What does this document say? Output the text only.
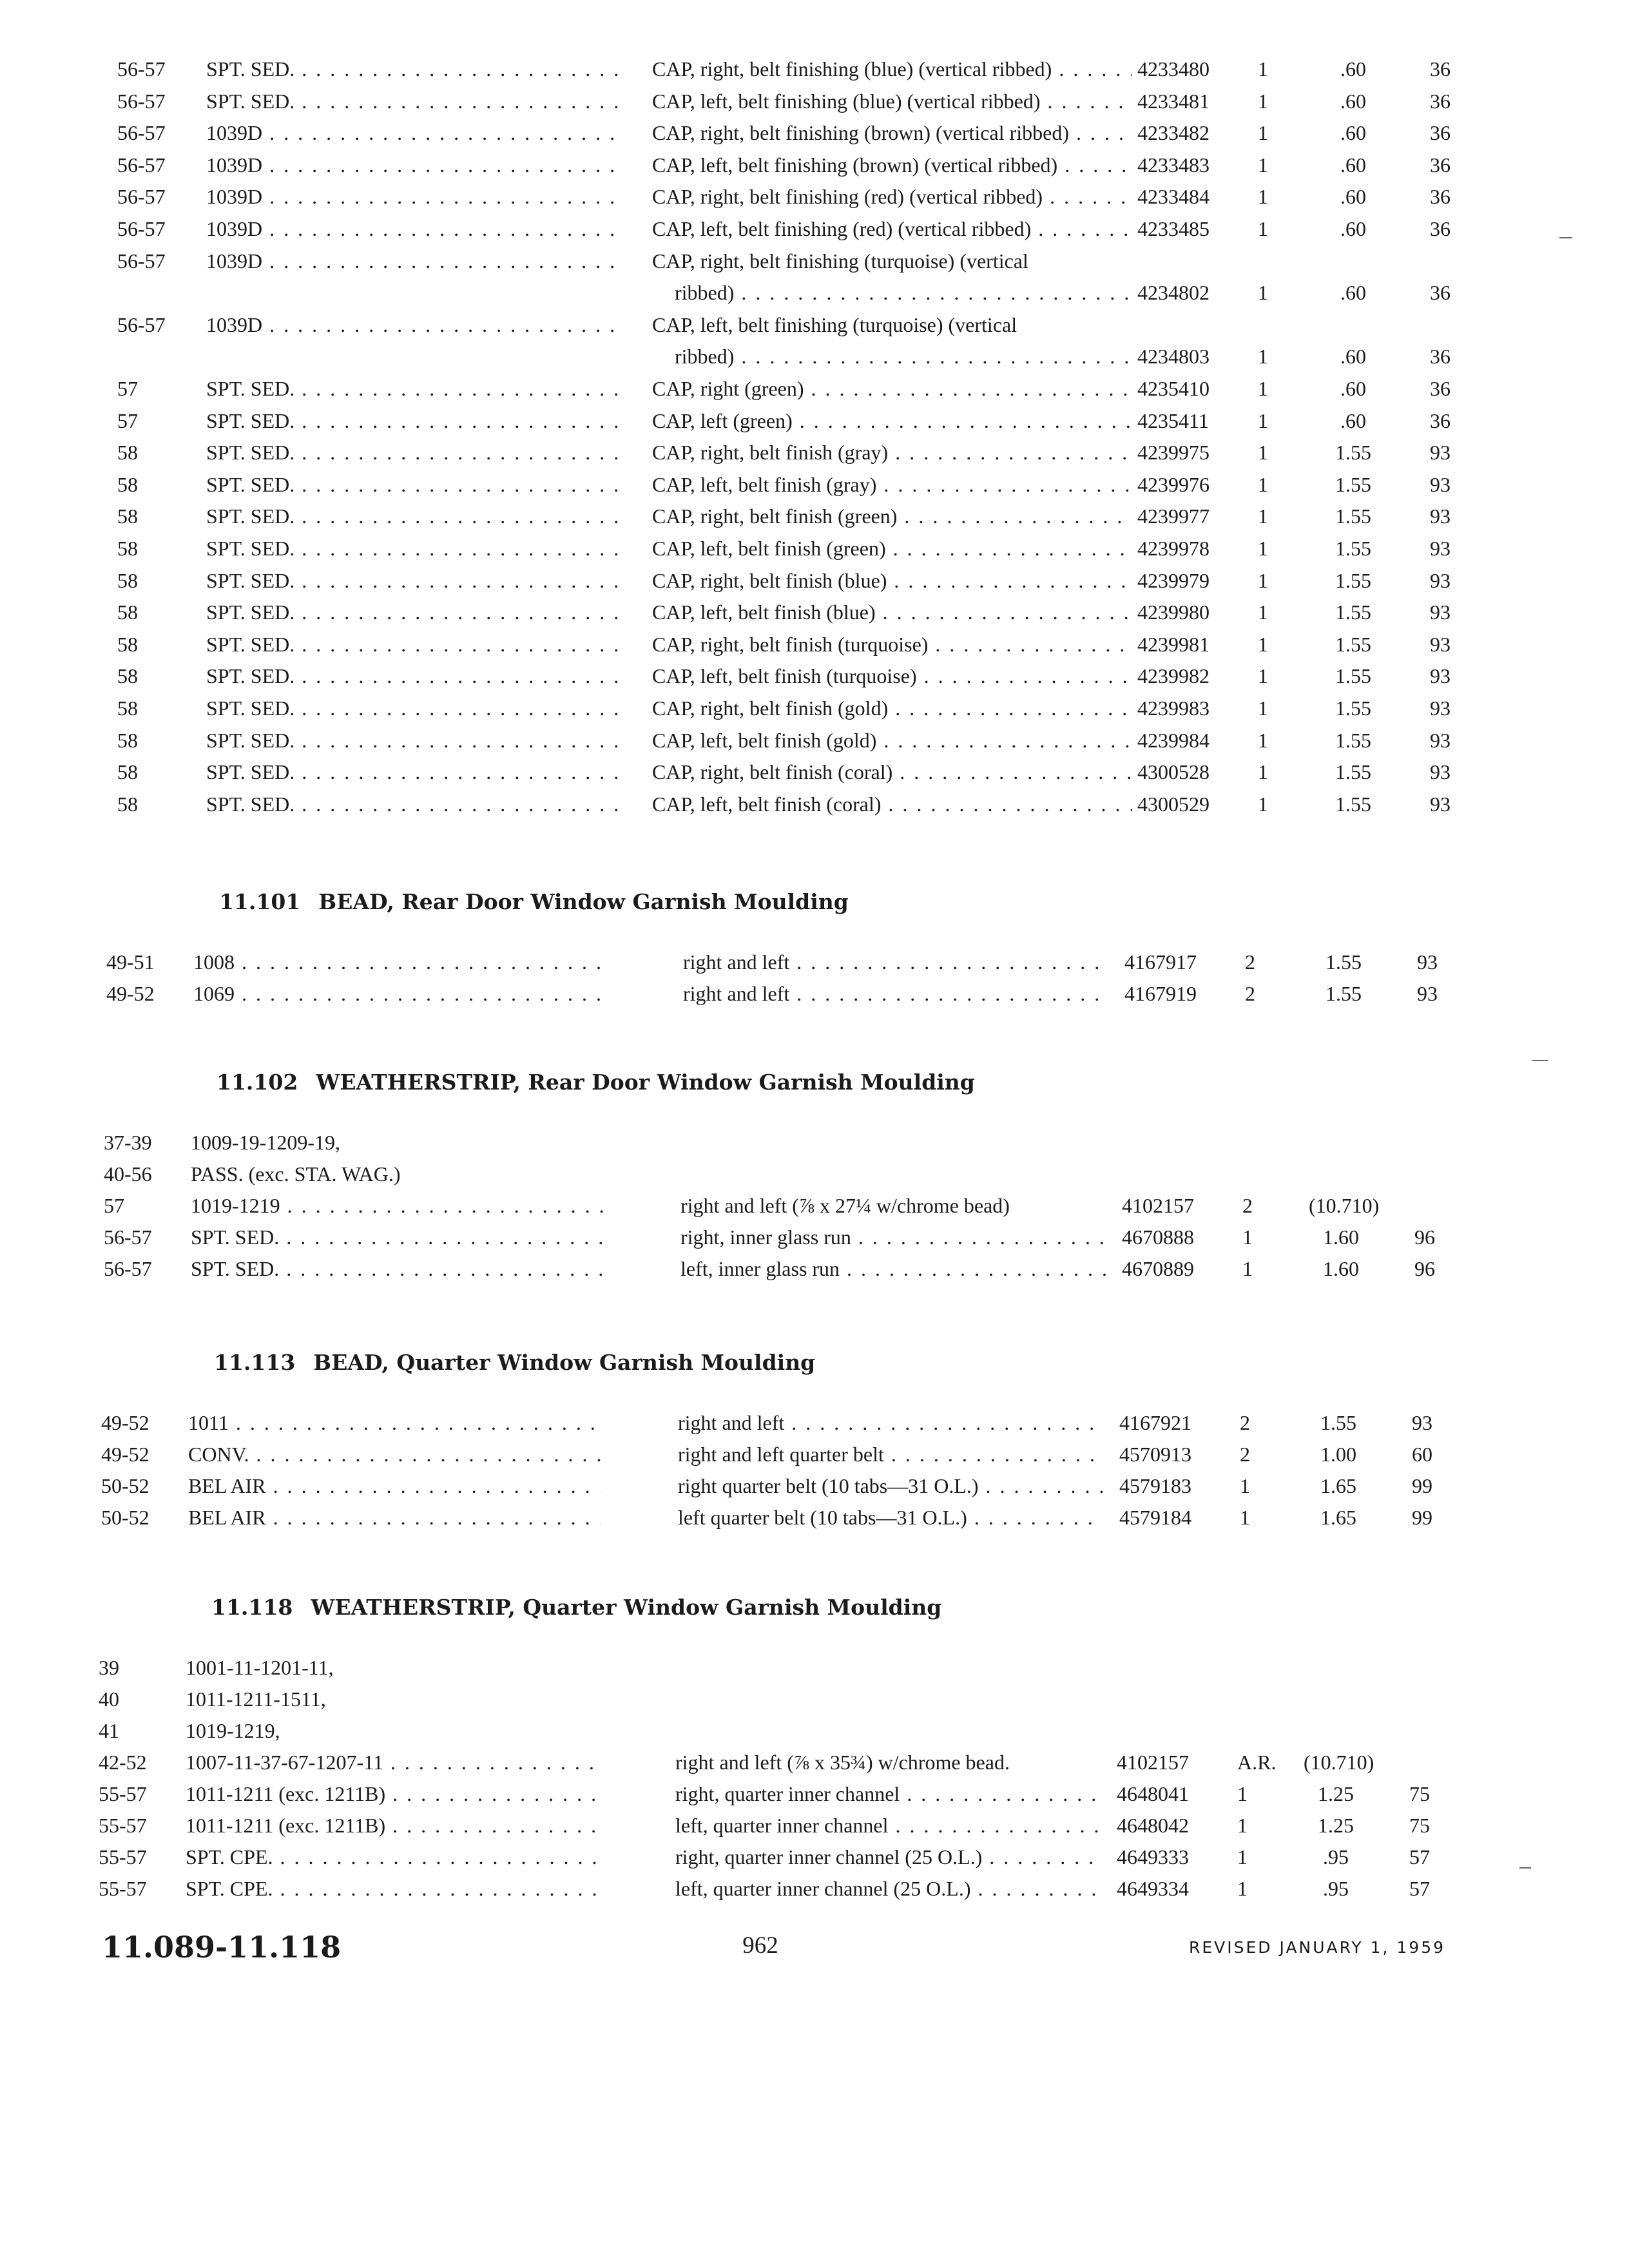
56-57 SPT. SED. . . .	CAP, right, belt finishing (blue) (vertical ribbed) . . .	4233480 1	.60	36
56-57 SPT. SED. . . .	CAP, left, belt finishing (blue) (vertical ribbed) . . .	4233481 1	.60	36
56-57 1039D . . .	CAP, right, belt finishing (brown) (vertical ribbed) . . .	4233482 1	.60	36
56-57 1039D . . .	CAP, left, belt finishing (brown) (vertical ribbed) . . .	4233483 1	.60	36
56-57 1039D . . .	CAP, right, belt finishing (red) (vertical ribbed) . . .	4233484 1	.60	36
56-57 1039D . . .	CAP, left, belt finishing (red) (vertical ribbed) . . .	4233485 1	.60	36
56-57 1039D . . .	CAP, right, belt finishing (turquoise) (vertical
ribbed) . . .	4234802 1	.60	36
56-57 1039D . . .	CAP, left, belt finishing (turquoise) (vertical
ribbed) . . .	4234803 1	.60	36
57	SPT. SED. . . .	CAP, right (green) . . .	4235410 1	.60	36
57	SPT. SED. . . .	CAP, left (green) . . .	4235411 1	.60	36
58	SPT. SED. . . .	CAP, right, belt finish (gray) . . .	4239975 1	1.55	93
58	SPT. SED. . . .	CAP, left, belt finish (gray) . . .	4239976 1	1.55	93
58	SPT. SED. . . .	CAP, right, belt finish (green) . . .	4239977 1	1.55	93
58	SPT. SED. . . .	CAP, left, belt finish (green) . . .	4239978 1	1.55	93
58	SPT. SED. . . .	CAP, right, belt finish (blue) . . .	4239979 1	1.55	93
58	SPT. SED. . . .	CAP, left, belt finish (blue) . . .	4239980 1	1.55	93
58	SPT. SED. . . .	CAP, right, belt finish (turquoise) . . .	4239981 1	1.55	93
58	SPT. SED. . . .	CAP, left, belt finish (turquoise) . . .	4239982 1	1.55	93
58	SPT. SED. . . .	CAP, right, belt finish (gold) . . .	4239983 1	1.55	93
58	SPT. SED. . . .	CAP, left, belt finish (gold) . . .	4239984 1	1.55	93
58	SPT. SED. . . .	CAP, right, belt finish (coral) . . .	4300528 1	1.55	93
58	SPT. SED. . . .	CAP, left, belt finish (coral) . . .	4300529 1	1.55	93
11.101 BEAD, Rear Door Window Garnish Moulding
49-51 1008 . . .	right and left . . .	4167917 2	1.55	93
49-52 1069 . . .	right and left . . .	4167919 2	1.55	93
11.102 WEATHERSTRIP, Rear Door Window Garnish Moulding
37-39 1009-19-1209-19,
40-56 PASS. (exc. STA. WAG.)
57	1019-1219 . . .	right and left (⅞ x 27¼ w/chrome bead)	4102157 2	(10.710)
56-57 SPT. SED. . . .	right, inner glass run . . .	4670888 1	1.60	96
56-57 SPT. SED. . . .	left, inner glass run . . .	4670889 1	1.60	96
11.113 BEAD, Quarter Window Garnish Moulding
49-52 1011 . . .	right and left . . .	4167921 2	1.55	93
49-52 CONV. . . .	right and left quarter belt . . .	4570913 2	1.00	60
50-52 BEL AIR . . .	right quarter belt (10 tabs—31 O.L.) . . .	4579183 1	1.65	99
50-52 BEL AIR . . .	left quarter belt (10 tabs—31 O.L.) . . .	4579184 1	1.65	99
11.118 WEATHERSTRIP, Quarter Window Garnish Moulding
39	1001-11-1201-11,
40	1011-1211-1511,
41	1019-1219,
42-52 1007-11-37-67-1207-11 . . .	right and left (⅞ x 35¾) w/chrome bead.	4102157 A.R. (10.710)
55-57 1011-1211 (exc. 1211B) . . .	right, quarter inner channel . . .	4648041 1	1.25	75
55-57 1011-1211 (exc. 1211B) . . .	left, quarter inner channel . . .	4648042 1	1.25	75
55-57 SPT. CPE. . . .	right, quarter inner channel (25 O.L.) . . .	4649333 1	.95	57
55-57 SPT. CPE. . . .	left, quarter inner channel (25 O.L.) . . .	4649334 1	.95	57
11.089-11.118	962	REVISED JANUARY 1, 1959
